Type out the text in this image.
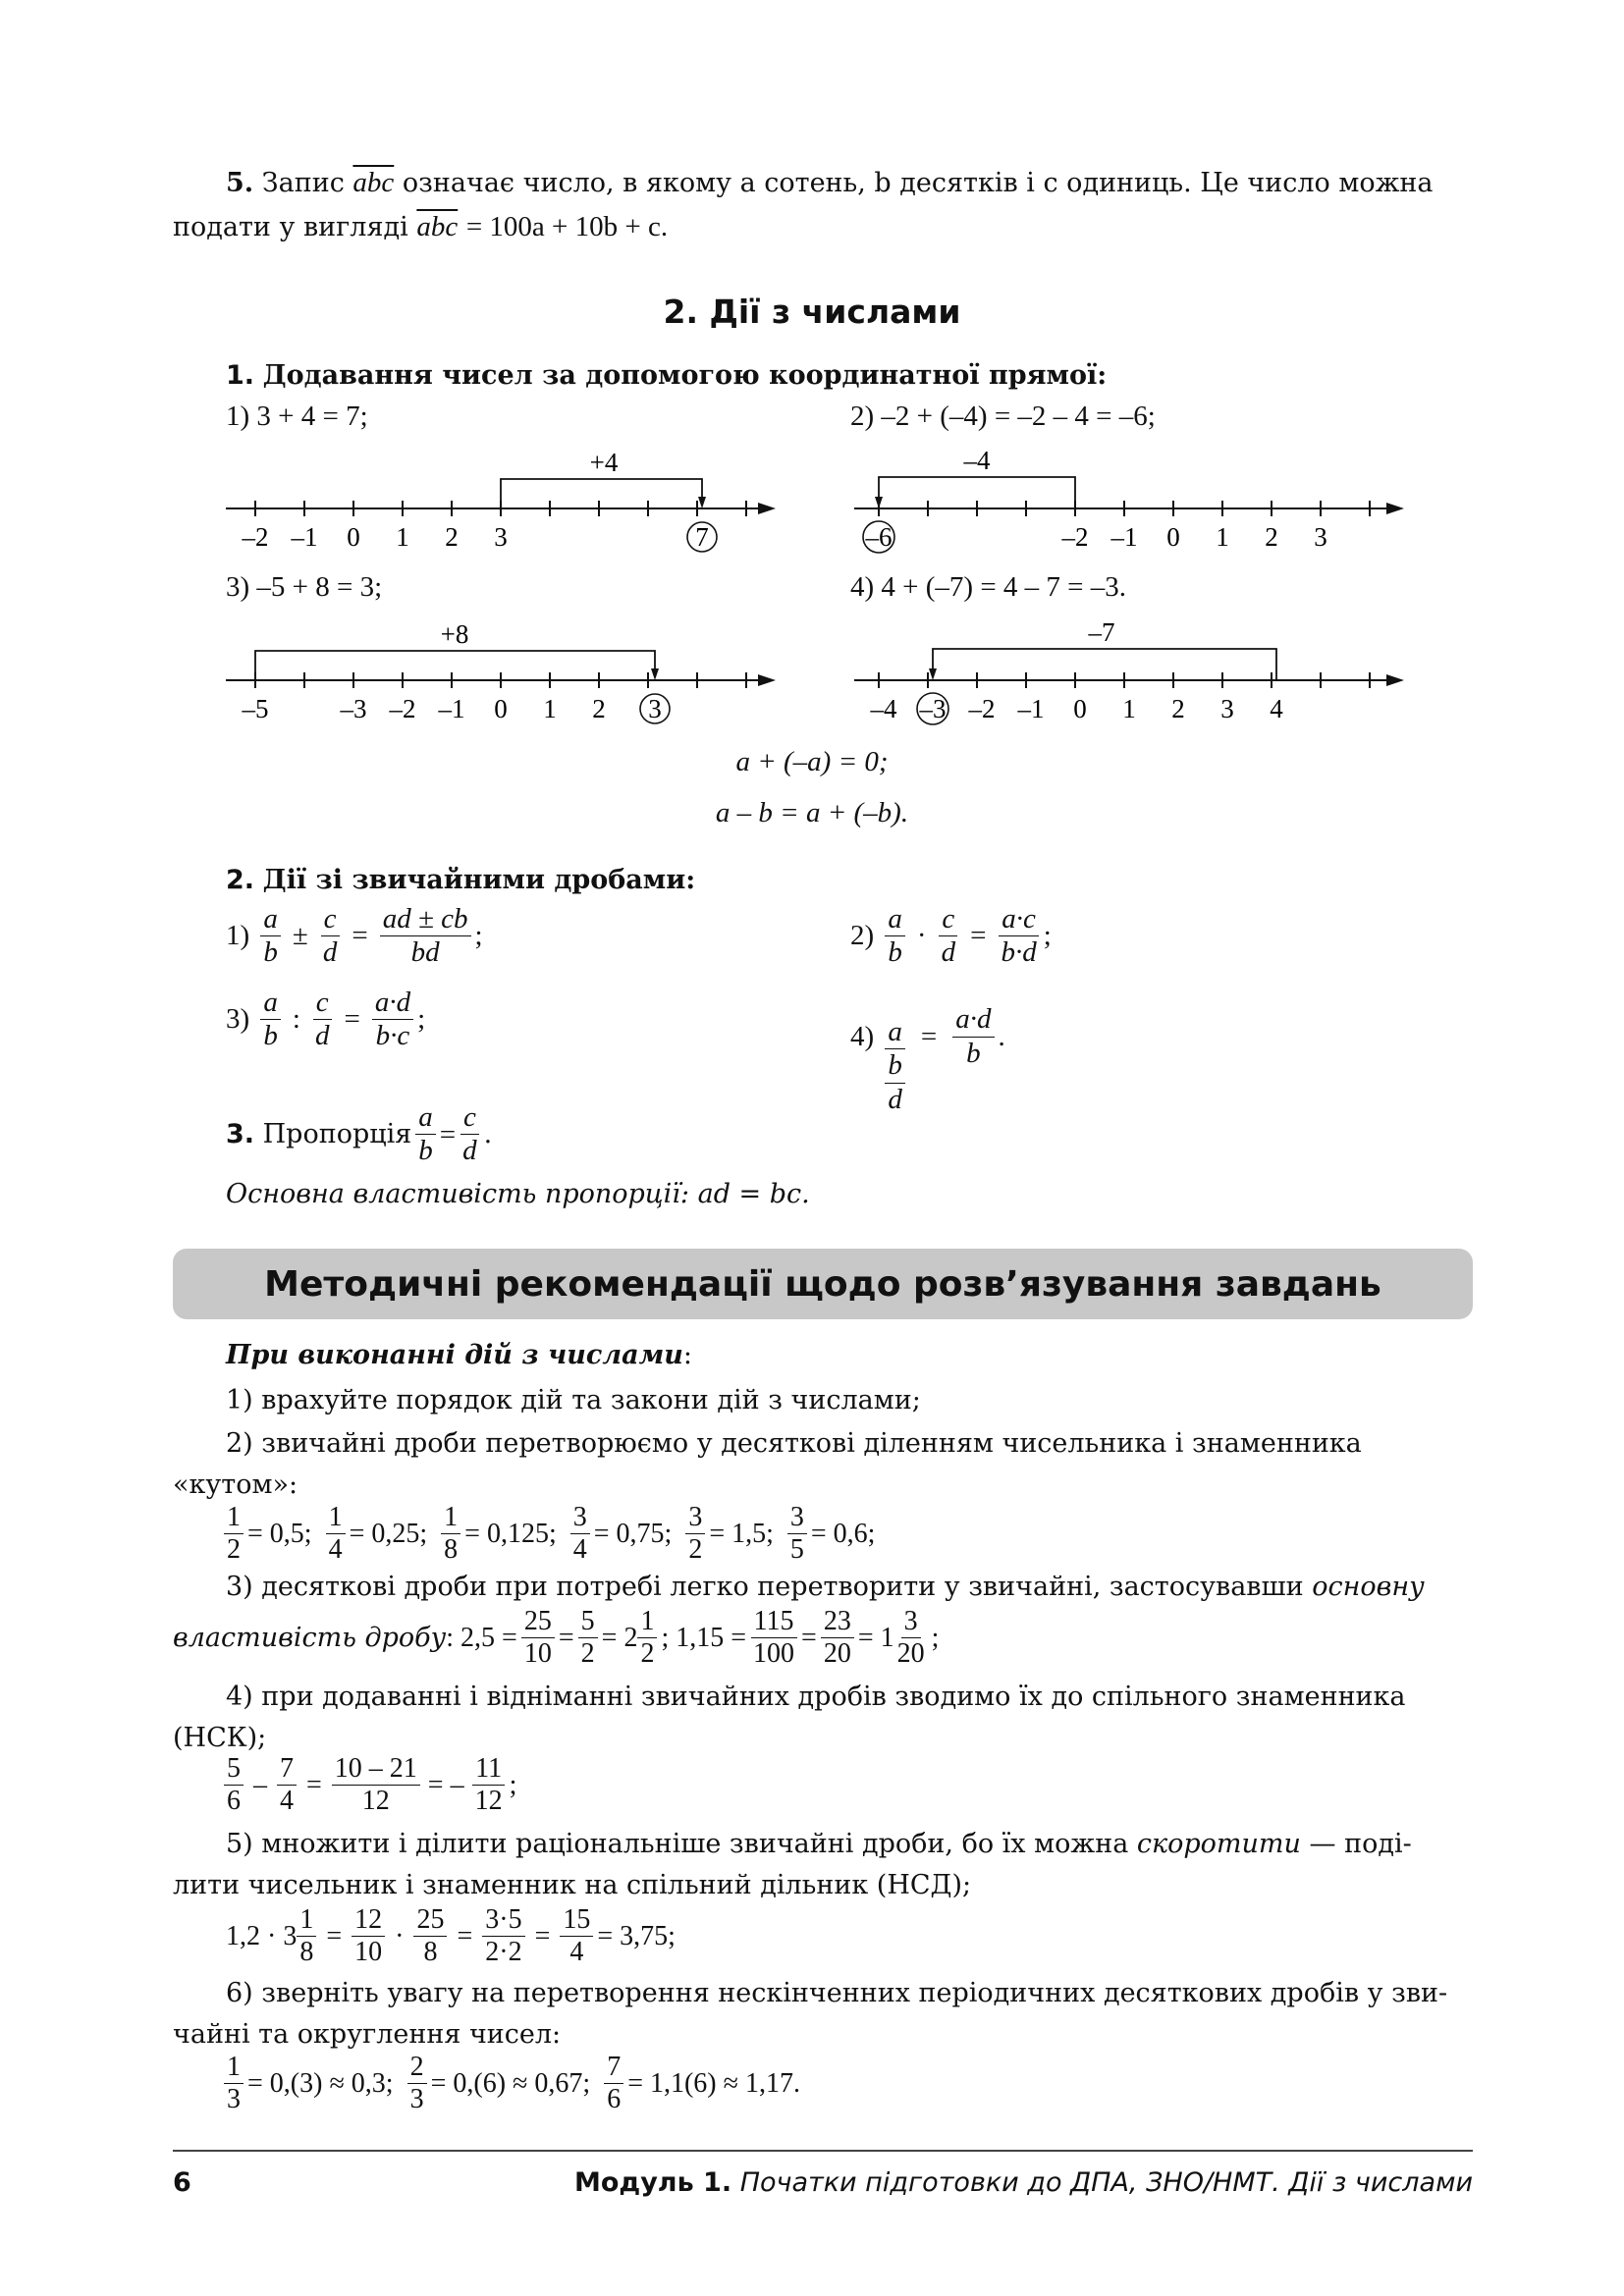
5. Запис $\overline{abc}$ означає число, в якому a сотень, b десятків і c одиниць. Це число можна
подати у вигляді $\overline{abc} = 100a + 10b + c$.
2. Дії з числами
1. Додавання чисел за допомогою координатної прямої:
1) 3 + 4 = 7;	2) –2 + (–4) = –2 – 4 = –6;
3) –5 + 8 = 3;	4) 4 + (–7) = 4 – 7 = –3.
+4
–2 –1 0 1 2 3	7
–4
–6	–2 –1 0 1 2 3
+8
–5	–3 –2 –1 0 1 2 3
–7
–4 –3 –2 –1 0 1 2 3 4
a + (–a) = 0;
a – b = a + (–b).
2. Дії зі звичайними дробами:
1)
$\frac{a}{b} \pm \frac{c}{d} = \frac{ad \pm cb}{bd}$ ;	2)
$\frac{a}{b} \cdot \frac{c}{d} = \frac{a\cdot c}{b\cdot d}$ ;
3)
$\frac{a}{b}$ : $\frac{c}{d} = \frac{a\cdot d}{b\cdot c}$ ;
4)
a
b
d
= $\frac{a\cdot d}{b}$ .
3.
Пропорція $\frac{a}{b} = \frac{c}{d}$ .
Основна властивість пропорції: ad = bc.
Методичні рекомендації щодо розв’язування завдань
При виконанні дій з числами:
1) врахуйте порядок дій та закони дій з числами;
2) звичайні дроби перетворюємо у десяткові діленням чисельника і знаменника
«кутом»:
$\frac{1}{2} = 0,5$; $\frac{1}{4} = 0,25$; $\frac{1}{8} = 0,125$; $\frac{3}{4} = 0,75$; $\frac{3}{2} = 1,5$; $\frac{3}{5} = 0,6$;
3) десяткові дроби при потребі легко перетворити у звичайні, застосувавши основну
властивість дробу : $2,5 = \frac{25}{10} = \frac{5}{2} = 2 \frac{1}{2}$ ; $1,15 = \frac{115}{100} = \frac{23}{20} = 1 \frac{3}{20}$ ;
4) при додаванні і відніманні звичайних дробів зводимо їх до спільного знаменника
(НСК);
$\frac{5}{6} - \frac{7}{4} = \frac{10 - 21}{12}$ = – $\frac{11}{12}$ ;
5) множити і ділити раціональніше звичайні дроби, бо їх можна скоротити — поді-
лити чисельник і знаменник на спільний дільник (НСД);
$1,2 \cdot 3 \frac{1}{8} = \frac{12}{10} \cdot \frac{25}{8} = \frac{3\cdot 5}{2\cdot 2} = \frac{15}{4} = 3,75$;
6) зверніть увагу на перетворення нескінченних періодичних десяткових дробів у зви-
чайні та округлення чисел:
$\frac{1}{3} = 0,(3) \approx 0,3$; $\frac{2}{3} = 0,(6) \approx 0,67$; $\frac{7}{6} = 1,1(6) \approx 1,17$.
6	Модуль 1. Початки підготовки до ДПА, ЗНО/НМТ. Дії з числами
